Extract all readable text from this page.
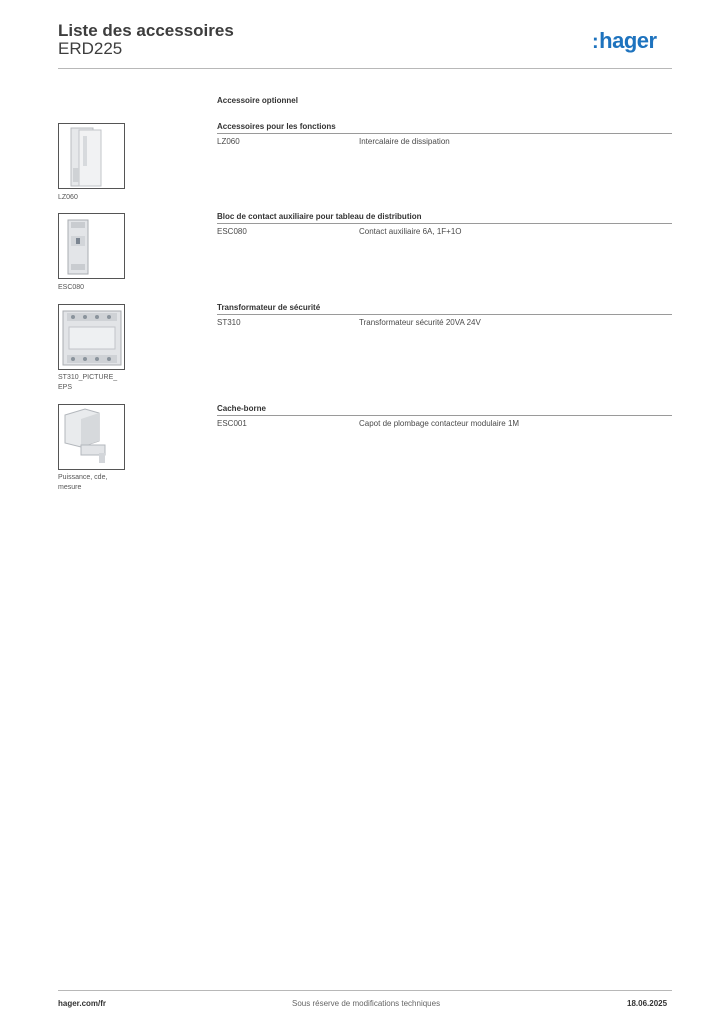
Liste des accessoires
ERD225	:hager
Accessoire optionnel
Accessoires pour les fonctions
LZ060	Intercalaire de dissipation
LZ060
Bloc de contact auxiliaire pour tableau de distribution
ESC080	Contact auxiliaire 6A, 1F+1O
ESC080
Transformateur de sécurité
ST310	Transformateur sécurité 20VA 24V
ST310_PICTURE_
EPS
Cache-borne
ESC001	Capot de plombage contacteur modulaire 1M
Puissance, cde,
mesure
hager.com/fr	Sous réserve de modifications techniques	18.06.2025
